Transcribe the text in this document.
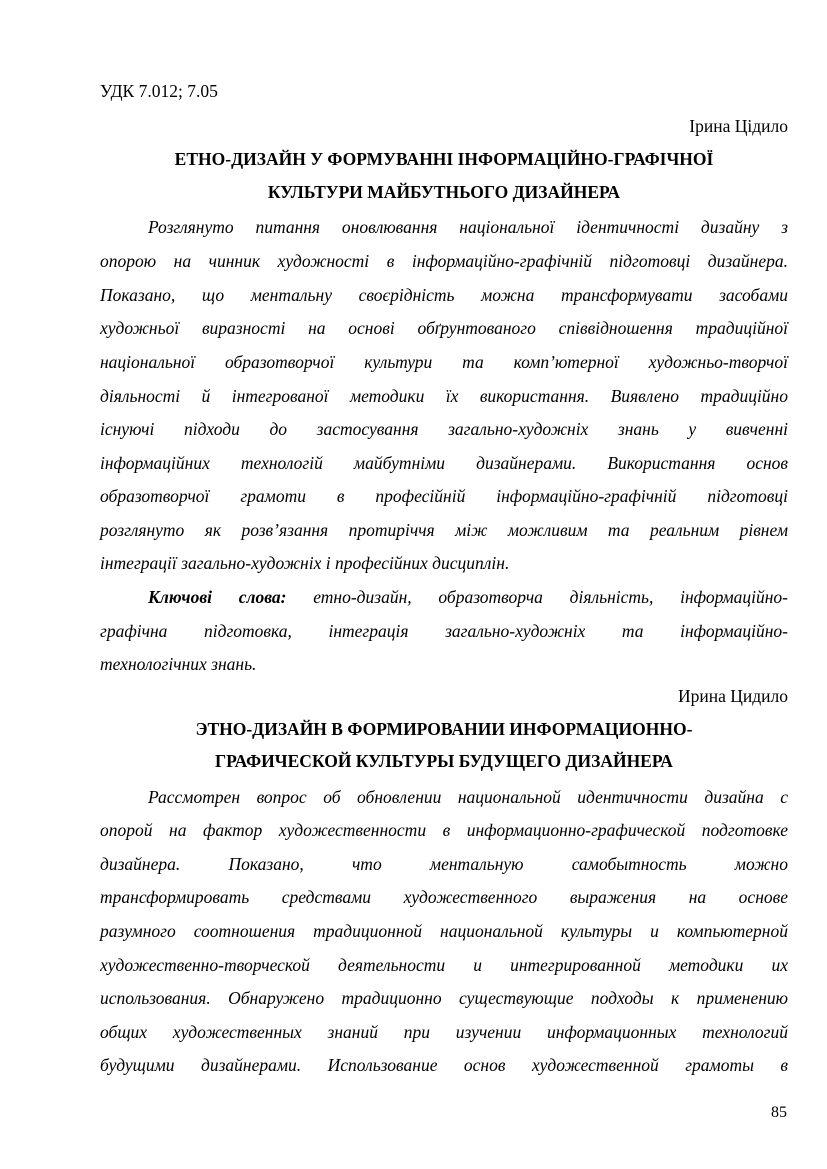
УДК 7.012; 7.05
Ірина Цідило
ЕТНО-ДИЗАЙН У ФОРМУВАННІ ІНФОРМАЦІЙНО-ГРАФІЧНОЇ
КУЛЬТУРИ МАЙБУТНЬОГО ДИЗАЙНЕРА
Розглянуто питання оновлювання національної ідентичності дизайну з
опорою на чинник художності в інформаційно-графічній підготовці дизайнера.
Показано, що ментальну своєрідність можна трансформувати засобами
художньої виразності на основі обґрунтованого співвідношення традиційної
національної образотворчої культури та комп’ютерної художньо-творчої
діяльності й інтегрованої методики їх використання. Виявлено традиційно
існуючі підходи до застосування загально-художніх знань у вивченні
інформаційних технологій майбутніми дизайнерами. Використання основ
образотворчої грамоти в професійній інформаційно-графічній підготовці
розглянуто як розв’язання протиріччя між можливим та реальним рівнем
інтеграції загально-художніх і професійних дисциплін.
Ключові слова: етно-дизайн, образотворча діяльність, інформаційно-
графічна підготовка, інтеграція загально-художніх та інформаційно-
технологічних знань.
Ирина Цидило
ЭТНО-ДИЗАЙН В ФОРМИРОВАНИИ ИНФОРМАЦИОННО-
ГРАФИЧЕСКОЙ КУЛЬТУРЫ БУДУЩЕГО ДИЗАЙНЕРА
Рассмотрен вопрос об обновлении национальной идентичности дизайна с
опорой на фактор художественности в информационно-графической подготовке
дизайнера. Показано, что ментальную самобытность можно
трансформировать средствами художественного выражения на основе
разумного соотношения традиционной национальной культуры и компьютерной
художественно-творческой деятельности и интегрированной методики их
использования. Обнаружено традиционно существующие подходы к применению
общих художественных знаний при изучении информационных технологий
будущими дизайнерами. Использование основ художественной грамоты в
85
